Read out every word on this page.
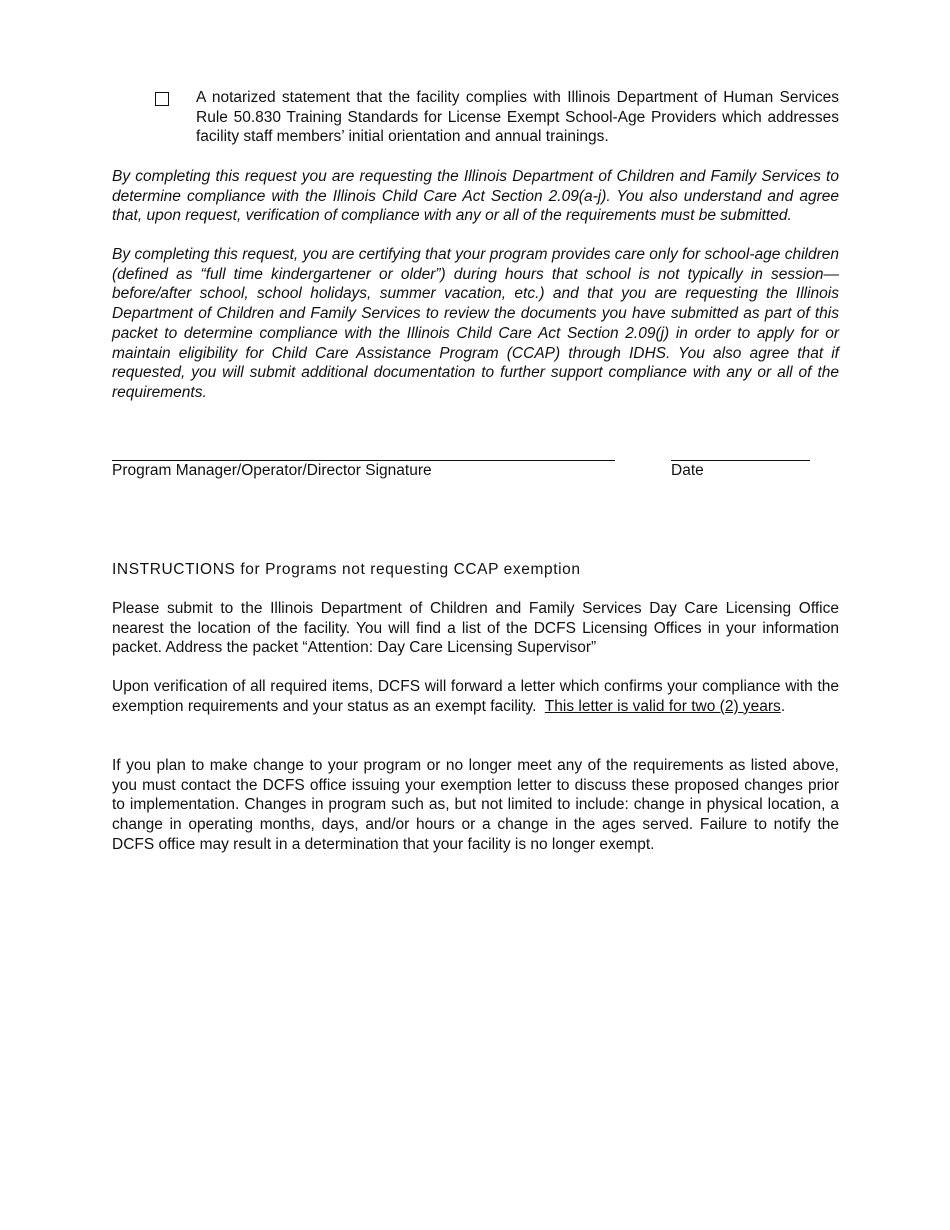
A notarized statement that the facility complies with Illinois Department of Human Services Rule 50.830 Training Standards for License Exempt School-Age Providers which addresses facility staff members’ initial orientation and annual trainings.
By completing this request you are requesting the Illinois Department of Children and Family Services to determine compliance with the Illinois Child Care Act Section 2.09(a-j). You also understand and agree that, upon request, verification of compliance with any or all of the requirements must be submitted.
By completing this request, you are certifying that your program provides care only for school-age children (defined as “full time kindergartener or older”) during hours that school is not typically in session—before/after school, school holidays, summer vacation, etc.) and that you are requesting the Illinois Department of Children and Family Services to review the documents you have submitted as part of this packet to determine compliance with the Illinois Child Care Act Section 2.09(j) in order to apply for or maintain eligibility for Child Care Assistance Program (CCAP) through IDHS. You also agree that if requested, you will submit additional documentation to further support compliance with any or all of the requirements.
Program Manager/Operator/Director Signature	Date
INSTRUCTIONS for Programs not requesting CCAP exemption
Please submit to the Illinois Department of Children and Family Services Day Care Licensing Office nearest the location of the facility. You will find a list of the DCFS Licensing Offices in your information packet. Address the packet “Attention: Day Care Licensing Supervisor”
Upon verification of all required items, DCFS will forward a letter which confirms your compliance with the exemption requirements and your status as an exempt facility. This letter is valid for two (2) years.
If you plan to make change to your program or no longer meet any of the requirements as listed above, you must contact the DCFS office issuing your exemption letter to discuss these proposed changes prior to implementation. Changes in program such as, but not limited to include: change in physical location, a change in operating months, days, and/or hours or a change in the ages served. Failure to notify the DCFS office may result in a determination that your facility is no longer exempt.
